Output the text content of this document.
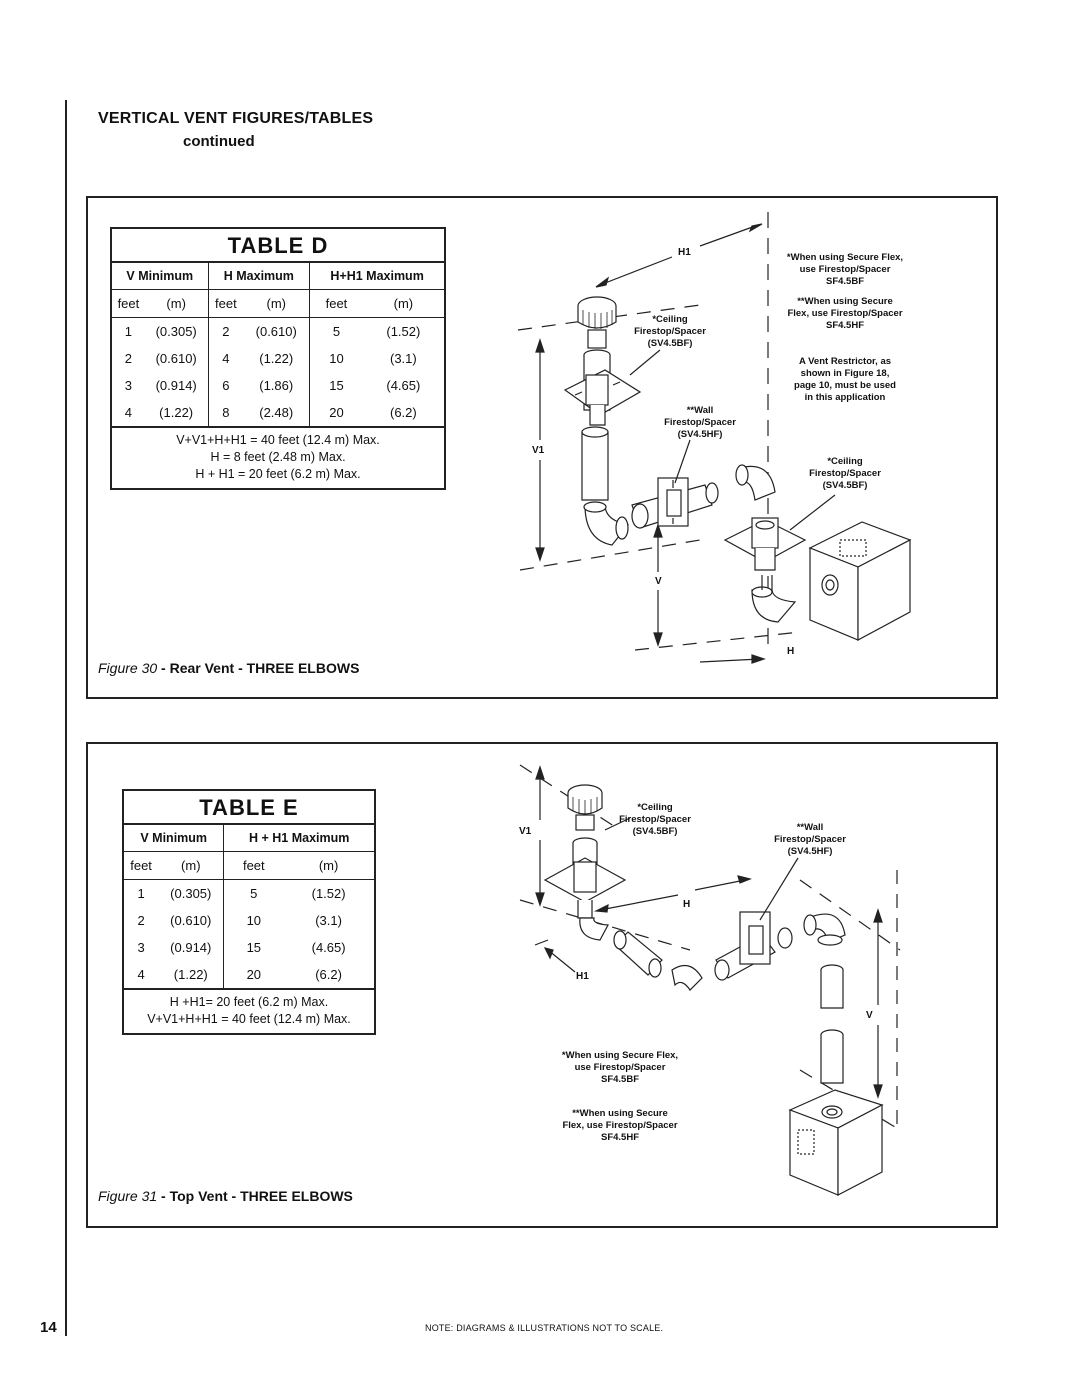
VERTICAL VENT FIGURES/TABLES
continued
TABLE D
V Minimum		H Maximum		H+H1 Maximum	
feet	(m)	feet	(m)	feet	(m)
1	(0.305)	2	(0.610)	5	(1.52)
2	(0.610)	4	(1.22)	10	(3.1)
3	(0.914)	6	(1.86)	15	(4.65)
4	(1.22)	8	(2.48)	20	(6.2)
V+V1+H+H1 = 40 feet (12.4 m) Max.
H = 8 feet (2.48 m) Max.
H + H1 = 20 feet (6.2 m) Max.
Figure 30 - Rear Vent - THREE ELBOWS
H1
V1
V
H
*Ceiling
Firestop/Spacer
(SV4.5BF)
**Wall
Firestop/Spacer
(SV4.5HF)
*Ceiling
Firestop/Spacer
(SV4.5BF)
*When using Secure Flex,
use Firestop/Spacer
SF4.5BF
**When using Secure
Flex, use Firestop/Spacer
SF4.5HF
A Vent Restrictor, as
shown in Figure 18,
page 10, must be used
in this application
TABLE E
V Minimum		H + H1 Maximum	
feet	(m)	feet	(m)
1	(0.305)	5	(1.52)
2	(0.610)	10	(3.1)
3	(0.914)	15	(4.65)
4	(1.22)	20	(6.2)
H +H1= 20 feet (6.2 m) Max.
V+V1+H+H1 = 40 feet (12.4 m) Max.
Figure 31 - Top Vent - THREE ELBOWS
V1
H
H1
V
*Ceiling
Firestop/Spacer
(SV4.5BF)	**Wall
Firestop/Spacer
(SV4.5HF)
*When using Secure Flex,
use Firestop/Spacer
SF4.5BF
**When using Secure
Flex, use Firestop/Spacer
SF4.5HF
14	NOTE: DIAGRAMS & ILLUSTRATIONS NOT TO SCALE.
